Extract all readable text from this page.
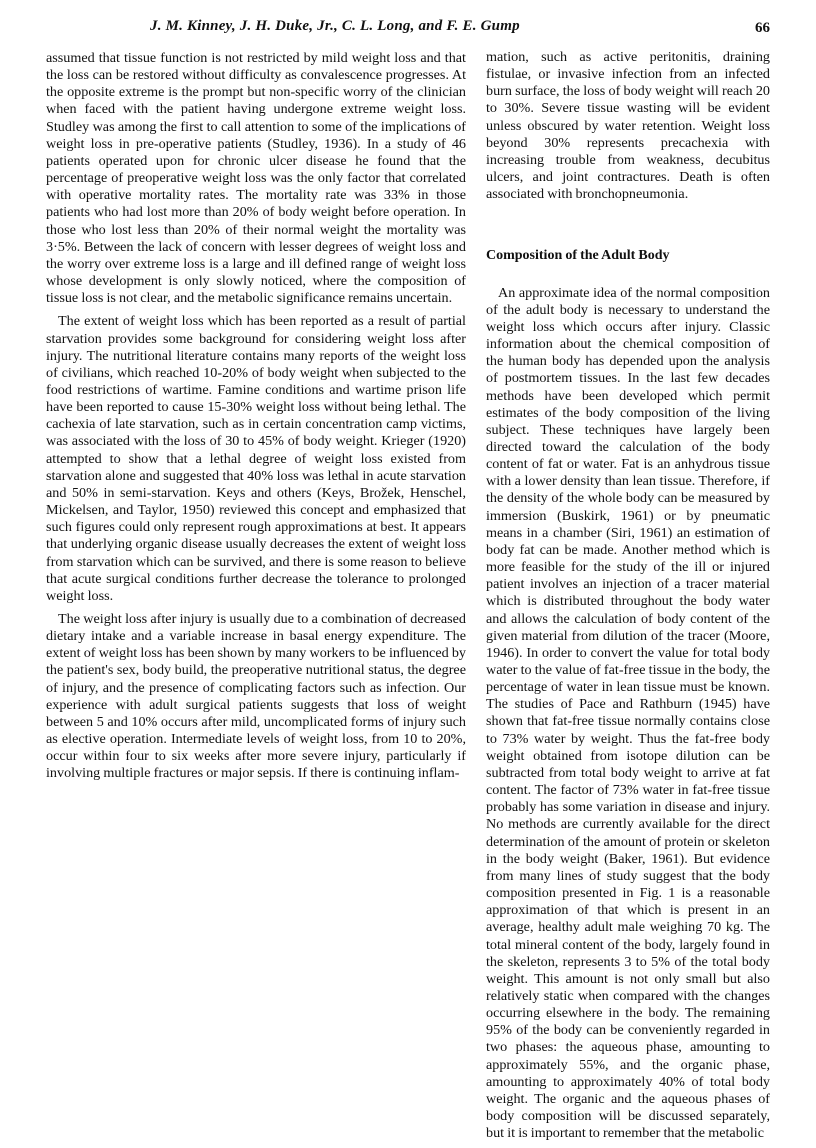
J. M. Kinney, J. H. Duke, Jr., C. L. Long, and F. E. Gump	66

assumed that tissue function is not restricted by mild weight loss and that the loss can be restored without difficulty as convalescence progresses. At the opposite extreme is the prompt but non-specific worry of the clinician when faced with the patient having undergone extreme weight loss. Studley was among the first to call attention to some of the implications of weight loss in pre-operative patients (Studley, 1936). In a study of 46 patients operated upon for chronic ulcer disease he found that the percentage of preoperative weight loss was the only factor that correlated with operative mortality rates. The mortality rate was 33% in those patients who had lost more than 20% of body weight before operation. In those who lost less than 20% of their normal weight the mortality was 3·5%. Between the lack of concern with lesser degrees of weight loss and the worry over extreme loss is a large and ill defined range of weight loss whose development is only slowly noticed, where the composition of tissue loss is not clear, and the metabolic significance remains uncertain.

The extent of weight loss which has been reported as a result of partial starvation provides some background for considering weight loss after injury. The nutritional literature contains many reports of the weight loss of civilians, which reached 10-20% of body weight when subjected to the food restrictions of wartime. Famine conditions and wartime prison life have been reported to cause 15-30% weight loss without being lethal. The cachexia of late starvation, such as in certain concentration camp victims, was associated with the loss of 30 to 45% of body weight. Krieger (1920) attempted to show that a lethal degree of weight loss existed from starvation alone and suggested that 40% loss was lethal in acute starvation and 50% in semi-starvation. Keys and others (Keys, Brožek, Henschel, Mickelsen, and Taylor, 1950) reviewed this concept and emphasized that such figures could only represent rough approximations at best. It appears that underlying organic disease usually decreases the extent of weight loss from starvation which can be survived, and there is some reason to believe that acute surgical conditions further decrease the tolerance to prolonged weight loss.

The weight loss after injury is usually due to a combination of decreased dietary intake and a variable increase in basal energy expenditure. The extent of weight loss has been shown by many workers to be influenced by the patient's sex, body build, the preoperative nutritional status, the degree of injury, and the presence of complicating factors such as infection. Our experience with adult surgical patients suggests that loss of weight between 5 and 10% occurs after mild, uncomplicated forms of injury such as elective operation. Intermediate levels of weight loss, from 10 to 20%, occur within four to six weeks after more severe injury, particularly if involving multiple fractures or major sepsis. If there is continuing inflam-

mation, such as active peritonitis, draining fistulae, or invasive infection from an infected burn surface, the loss of body weight will reach 20 to 30%. Severe tissue wasting will be evident unless obscured by water retention. Weight loss beyond 30% represents precachexia with increasing trouble from weakness, decubitus ulcers, and joint contractures. Death is often associated with bronchopneumonia.

Composition of the Adult Body

An approximate idea of the normal composition of the adult body is necessary to understand the weight loss which occurs after injury. Classic information about the chemical composition of the human body has depended upon the analysis of postmortem tissues. In the last few decades methods have been developed which permit estimates of the body composition of the living subject. These techniques have largely been directed toward the calculation of the body content of fat or water. Fat is an anhydrous tissue with a lower density than lean tissue. Therefore, if the density of the whole body can be measured by immersion (Buskirk, 1961) or by pneumatic means in a chamber (Siri, 1961) an estimation of body fat can be made. Another method which is more feasible for the study of the ill or injured patient involves an injection of a tracer material which is distributed throughout the body water and allows the calculation of body content of the given material from dilution of the tracer (Moore, 1946). In order to convert the value for total body water to the value of fat-free tissue in the body, the percentage of water in lean tissue must be known. The studies of Pace and Rathburn (1945) have shown that fat-free tissue normally contains close to 73% water by weight. Thus the fat-free body weight obtained from isotope dilution can be subtracted from total body weight to arrive at fat content. The factor of 73% water in fat-free tissue probably has some variation in disease and injury. No methods are currently available for the direct determination of the amount of protein or skeleton in the body weight (Baker, 1961). But evidence from many lines of study suggest that the body composition presented in Fig. 1 is a reasonable approximation of that which is present in an average, healthy adult male weighing 70 kg. The total mineral content of the body, largely found in the skeleton, represents 3 to 5% of the total body weight. This amount is not only small but also relatively static when compared with the changes occurring elsewhere in the body. The remaining 95% of the body can be conveniently regarded in two phases: the aqueous phase, amounting to approximately 55%, and the organic phase, amounting to approximately 40% of total body weight. The organic and the aqueous phases of body composition will be discussed separately, but it is important to remember that the metabolic
